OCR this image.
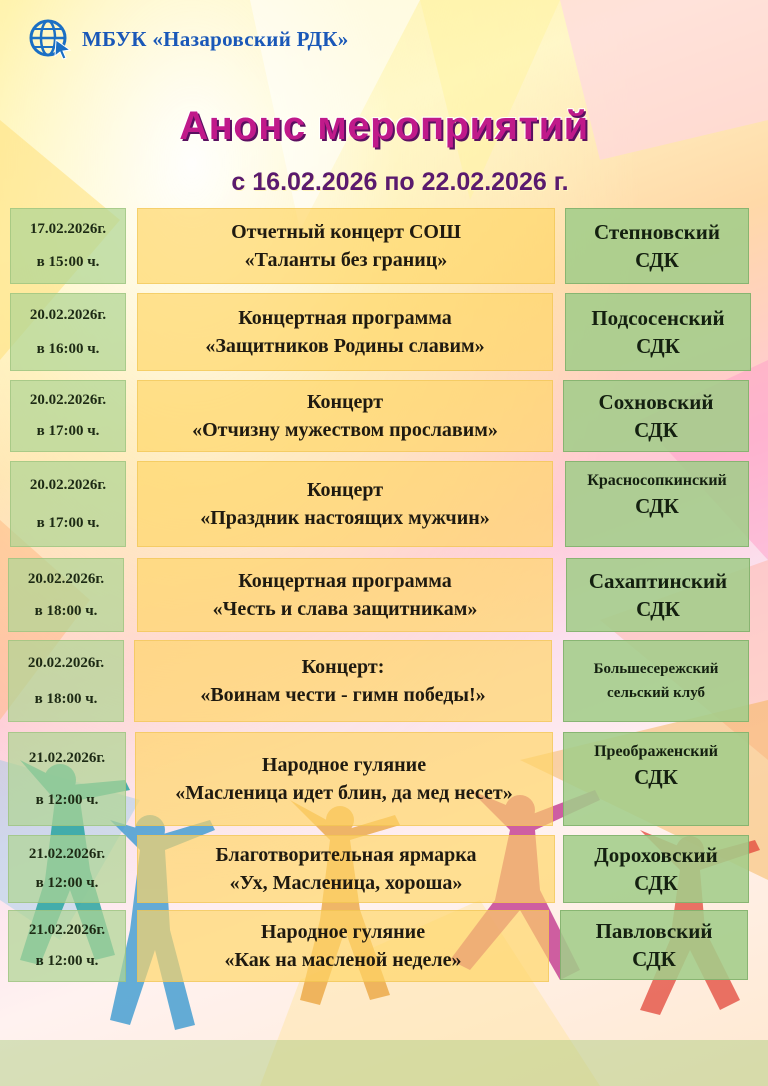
МБУК «Назаровский РДК»
Анонс мероприятий
с 16.02.2026 по 22.02.2026 г.
17.02.2026г.
в 15:00 ч.
Отчетный концерт СОШ
«Таланты без границ»
Степновский
СДК
20.02.2026г.
в 16:00 ч.
Концертная программа
«Защитников Родины славим»
Подсосенский
СДК
20.02.2026г.
в 17:00 ч.
Концерт
«Отчизну мужеством прославим»
Сохновский
СДК
20.02.2026г.
в 17:00 ч.
Концерт
«Праздник настоящих мужчин»
Красносопкинский
СДК
20.02.2026г.
в 18:00 ч.
Концертная программа
«Честь и слава защитникам»
Сахаптинский
СДК
20.02.2026г.
в 18:00 ч.
Концерт:
«Воинам чести - гимн победы!»
Большесережский
сельский клуб
21.02.2026г.
в 12:00 ч.
Народное гуляние
«Масленица идет блин, да мед несет»
Преображенский
СДК
21.02.2026г.
в 12:00 ч.
Благотворительная ярмарка
«Ух, Масленица, хороша»
Дороховский
СДК
21.02.2026г.
в 12:00 ч.
Народное гуляние
«Как на масленой неделе»
Павловский
СДК
